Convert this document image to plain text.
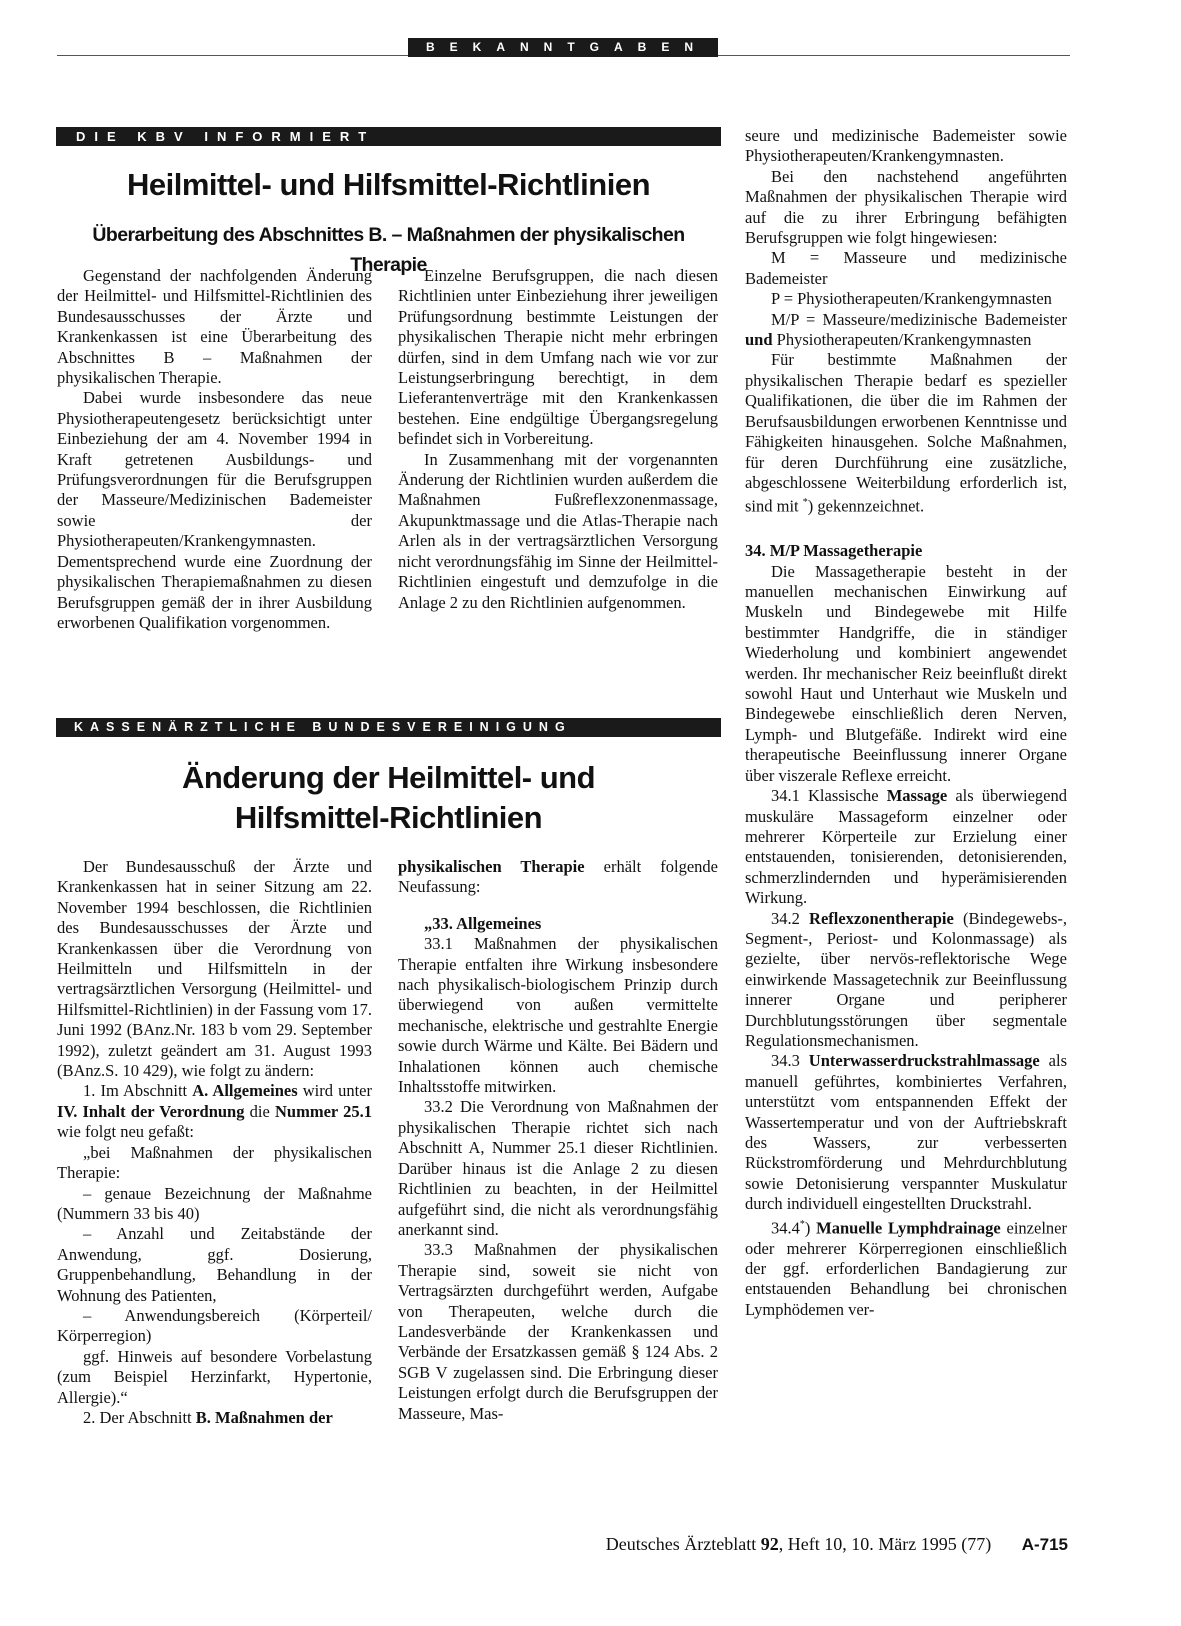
BEKANNTGABEN
DIE KBV INFORMIERT
Heilmittel- und Hilfsmittel-Richtlinien
Überarbeitung des Abschnittes B. – Maßnahmen der physikalischen Therapie

Gegenstand der nachfolgenden Änderung der Heilmittel- und Hilfsmittel-Richtlinien des Bundesausschusses der Ärzte und Krankenkassen ist eine Überarbeitung des Abschnittes B – Maßnahmen der physikalischen Therapie.

Dabei wurde insbesondere das neue Physiotherapeutengesetz berücksichtigt unter Einbeziehung der am 4. November 1994 in Kraft getretenen Ausbildungs- und Prüfungsverordnungen für die Berufsgruppen der Masseure/Medizinischen Bademeister sowie der Physiotherapeuten/Krankengymnasten. Dementsprechend wurde eine Zuordnung der physikalischen Therapiemaßnahmen zu diesen Berufsgruppen gemäß der in ihrer Ausbildung erworbenen Qualifikation vorgenommen.

Einzelne Berufsgruppen, die nach diesen Richtlinien unter Einbeziehung ihrer jeweiligen Prüfungsordnung bestimmte Leistungen der physikalischen Therapie nicht mehr erbringen dürfen, sind in dem Umfang nach wie vor zur Leistungserbringung berechtigt, in dem Lieferantenverträge mit den Krankenkassen bestehen. Eine endgültige Übergangsregelung befindet sich in Vorbereitung.

In Zusammenhang mit der vorgenannten Änderung der Richtlinien wurden außerdem die Maßnahmen Fußreflexzonenmassage, Akupunktmassage und die Atlas-Therapie nach Arlen als in der vertragsärztlichen Versorgung nicht verordnungsfähig im Sinne der Heilmittel-Richtlinien eingestuft und demzufolge in die Anlage 2 zu den Richtlinien aufgenommen.

KASSENÄRZTLICHE BUNDESVEREINIGUNG
Änderung der Heilmittel- und
Hilfsmittel-Richtlinien

Der Bundesausschuß der Ärzte und Krankenkassen hat in seiner Sitzung am 22. November 1994 beschlossen, die Richtlinien des Bundesausschusses der Ärzte und Krankenkassen über die Verordnung von Heilmitteln und Hilfsmitteln in der vertragsärztlichen Versorgung (Heilmittel- und Hilfsmittel-Richtlinien) in der Fassung vom 17. Juni 1992 (BAnz.Nr. 183 b vom 29. September 1992), zuletzt geändert am 31. August 1993 (BAnz.S. 10 429), wie folgt zu ändern:

1. Im Abschnitt A. Allgemeines wird unter IV. Inhalt der Verordnung die Nummer 25.1 wie folgt neu gefaßt:

„bei Maßnahmen der physikalischen Therapie:

– genaue Bezeichnung der Maßnahme (Nummern 33 bis 40)

– Anzahl und Zeitabstände der Anwendung, ggf. Dosierung, Gruppenbehandlung, Behandlung in der Wohnung des Patienten,

– Anwendungsbereich (Körperteil/ Körperregion)

ggf. Hinweis auf besondere Vorbelastung (zum Beispiel Herzinfarkt, Hypertonie, Allergie).“

2. Der Abschnitt B. Maßnahmen der

physikalischen Therapie erhält folgende Neufassung:

„33. Allgemeines

33.1 Maßnahmen der physikalischen Therapie entfalten ihre Wirkung insbesondere nach physikalisch-biologischem Prinzip durch überwiegend von außen vermittelte mechanische, elektrische und gestrahlte Energie sowie durch Wärme und Kälte. Bei Bädern und Inhalationen können auch chemische Inhaltsstoffe mitwirken.

33.2 Die Verordnung von Maßnahmen der physikalischen Therapie richtet sich nach Abschnitt A, Nummer 25.1 dieser Richtlinien. Darüber hinaus ist die Anlage 2 zu diesen Richtlinien zu beachten, in der Heilmittel aufgeführt sind, die nicht als verordnungsfähig anerkannt sind.

33.3 Maßnahmen der physikalischen Therapie sind, soweit sie nicht von Vertragsärzten durchgeführt werden, Aufgabe von Therapeuten, welche durch die Landesverbände der Krankenkassen und Verbände der Ersatzkassen gemäß § 124 Abs. 2 SGB V zugelassen sind. Die Erbringung dieser Leistungen erfolgt durch die Berufsgruppen der Masseure, Mas-

seure und medizinische Bademeister sowie Physiotherapeuten/Krankengymnasten.

Bei den nachstehend angeführten Maßnahmen der physikalischen Therapie wird auf die zu ihrer Erbringung befähigten Berufsgruppen wie folgt hingewiesen:

M = Masseure und medizinische Bademeister

P = Physiotherapeuten/Krankengymnasten

M/P = Masseure/medizinische Bademeister und Physiotherapeuten/Krankengymnasten

Für bestimmte Maßnahmen der physikalischen Therapie bedarf es spezieller Qualifikationen, die über die im Rahmen der Berufsausbildungen erworbenen Kenntnisse und Fähigkeiten hinausgehen. Solche Maßnahmen, für deren Durchführung eine zusätzliche, abgeschlossene Weiterbildung erforderlich ist, sind mit *) gekennzeichnet.

34. M/P Massagetherapie

Die Massagetherapie besteht in der manuellen mechanischen Einwirkung auf Muskeln und Bindegewebe mit Hilfe bestimmter Handgriffe, die in ständiger Wiederholung und kombiniert angewendet werden. Ihr mechanischer Reiz beeinflußt direkt sowohl Haut und Unterhaut wie Muskeln und Bindegewebe einschließlich deren Nerven, Lymph- und Blutgefäße. Indirekt wird eine therapeutische Beeinflussung innerer Organe über viszerale Reflexe erreicht.

34.1 Klassische Massage als überwiegend muskuläre Massageform einzelner oder mehrerer Körperteile zur Erzielung einer entstauenden, tonisierenden, detonisierenden, schmerzlindernden und hyperämisierenden Wirkung.

34.2 Reflexzonentherapie (Bindegewebs-, Segment-, Periost- und Kolonmassage) als gezielte, über nervös-reflektorische Wege einwirkende Massagetechnik zur Beeinflussung innerer Organe und peripherer Durchblutungsstörungen über segmentale Regulationsmechanismen.

34.3 Unterwasserdruckstrahlmassage als manuell geführtes, kombiniertes Verfahren, unterstützt vom entspannenden Effekt der Wassertemperatur und von der Auftriebskraft des Wassers, zur verbesserten Rückstromförderung und Mehrdurchblutung sowie Detonisierung verspannter Muskulatur durch individuell eingestellten Druckstrahl.

34.4*) Manuelle Lymphdrainage einzelner oder mehrerer Körperregionen einschließlich der ggf. erforderlichen Bandagierung zur entstauenden Behandlung bei chronischen Lymphödemen ver-

Deutsches Ärzteblatt 92, Heft 10, 10. März 1995 (77) A-715
